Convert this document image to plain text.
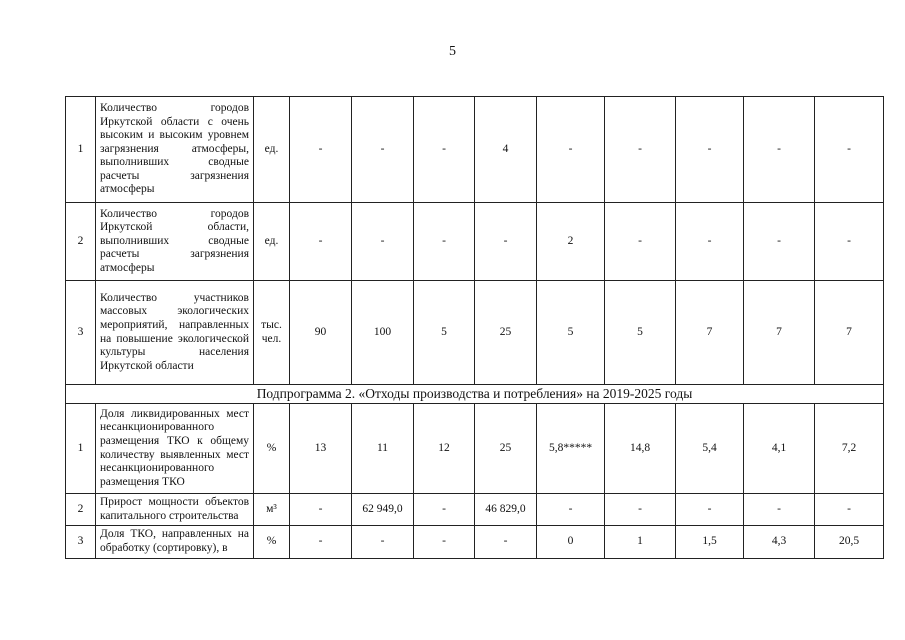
5
1	Количество городов Иркутской области с очень высоким и высоким уровнем загрязнения атмосферы, выполнивших сводные расчеты загрязнения атмосферы	ед.	-	-	-	4	-	-	-	-	-
2	Количество городов Иркутской области, выполнивших сводные расчеты загрязнения атмосферы	ед.	-	-	-	-	2	-	-	-	-
3	Количество участников массовых экологических мероприятий, направленных на повышение экологической культуры населения Иркутской области	тыс. чел.	90	100	5	25	5	5	7	7	7
Подпрограмма 2. «Отходы производства и потребления» на 2019-2025 годы											
1	Доля ликвидированных мест несанкционированного размещения ТКО к общему количеству выявленных мест несанкционированного размещения ТКО	%	13	11	12	25	5,8*****	14,8	5,4	4,1	7,2
2	Прирост мощности объектов капитального строительства	м³	-	62 949,0	-	46 829,0	-	-	-	-	-
3	Доля ТКО, направленных на обработку (сортировку), в	%	-	-	-	-	0	1	1,5	4,3	20,5
